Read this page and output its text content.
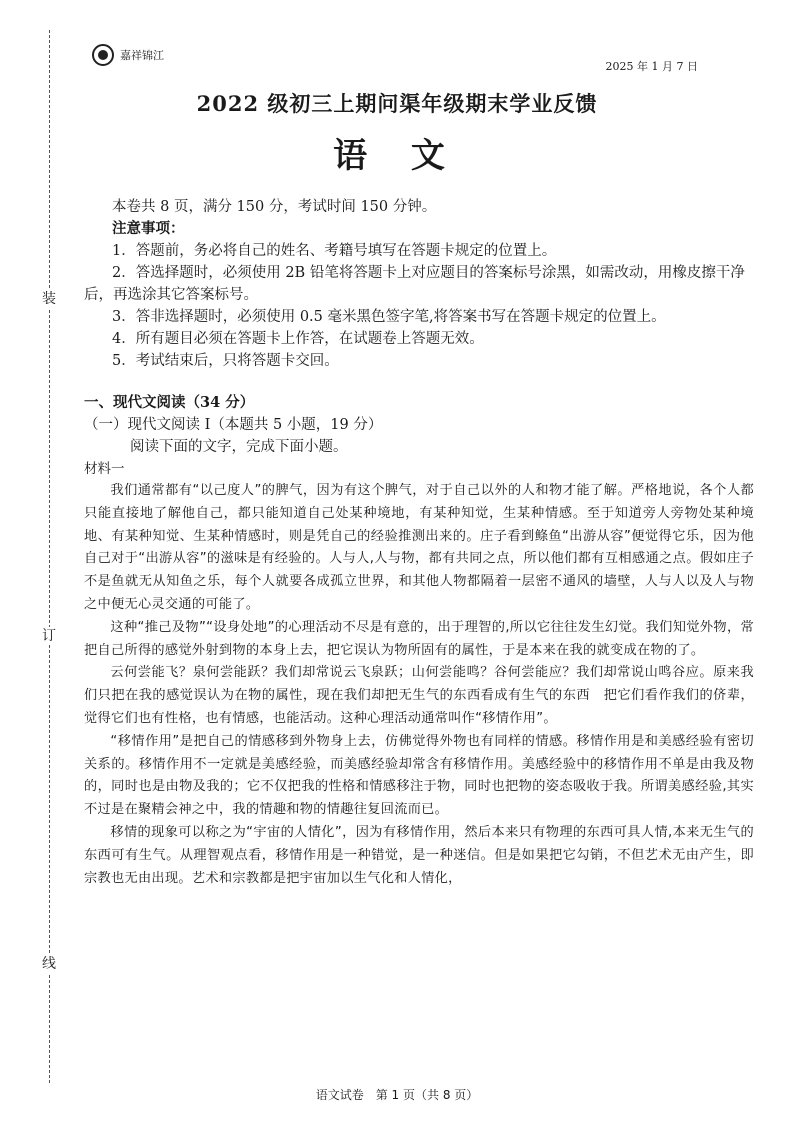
装
订
线
嘉祥锦江
2025 年 1 月 7 日
2022 级初三上期问渠年级期末学业反馈
语 文

本卷共 8 页，满分 150 分，考试时间 150 分钟。

注意事项：

1．答题前，务必将自己的姓名、考籍号填写在答题卡规定的位置上。

2．答选择题时，必须使用 2B 铅笔将答题卡上对应题目的答案标号涂黑，如需改动，用橡皮擦干净后，再选涂其它答案标号。

3．答非选择题时，必须使用 0.5 毫米黑色签字笔,将答案书写在答题卡规定的位置上。

4．所有题目必须在答题卡上作答，在试题卷上答题无效。

5．考试结束后，只将答题卡交回。

一、现代文阅读（34 分）

（一）现代文阅读 I（本题共 5 小题，19 分）

阅读下面的文字，完成下面小题。

材料一

我们通常都有“以己度人”的脾气，因为有这个脾气，对于自己以外的人和物才能了解。严格地说，各个人都只能直接地了解他自己，都只能知道自己处某种境地，有某种知觉，生某种情感。至于知道旁人旁物处某种境地、有某种知觉、生某种情感时，则是凭自己的经验推测出来的。庄子看到鲦鱼“出游从容”便觉得它乐，因为他自己对于“出游从容”的滋味是有经验的。人与人,人与物，都有共同之点，所以他们都有互相感通之点。假如庄子不是鱼就无从知鱼之乐，每个人就要各成孤立世界，和其他人物都隔着一层密不通风的墙壁，人与人以及人与物之中便无心灵交通的可能了。

这种“推己及物”“设身处地”的心理活动不尽是有意的，出于理智的,所以它往往发生幻觉。我们知觉外物，常把自己所得的感觉外射到物的本身上去，把它误认为物所固有的属性，于是本来在我的就变成在物的了。

云何尝能飞？泉何尝能跃？我们却常说云飞泉跃；山何尝能鸣？谷何尝能应？我们却常说山鸣谷应。原来我们只把在我的感觉误认为在物的属性，现在我们却把无生气的东西看成有生气的东西　把它们看作我们的侪辈，觉得它们也有性格，也有情感，也能活动。这种心理活动通常叫作“移情作用”。

“移情作用”是把自己的情感移到外物身上去，仿佛觉得外物也有同样的情感。移情作用是和美感经验有密切关系的。移情作用不一定就是美感经验，而美感经验却常含有移情作用。美感经验中的移情作用不单是由我及物的，同时也是由物及我的；它不仅把我的性格和情感移注于物，同时也把物的姿态吸收于我。所谓美感经验,其实不过是在聚精会神之中，我的情趣和物的情趣往复回流而已。

移情的现象可以称之为“宇宙的人情化”，因为有移情作用，然后本来只有物理的东西可具人情,本来无生气的东西可有生气。从理智观点看，移情作用是一种错觉，是一种迷信。但是如果把它勾销，不但艺术无由产生，即宗教也无由出现。艺术和宗教都是把宇宙加以生气化和人情化，

语文试卷　第 1 页（共 8 页）
